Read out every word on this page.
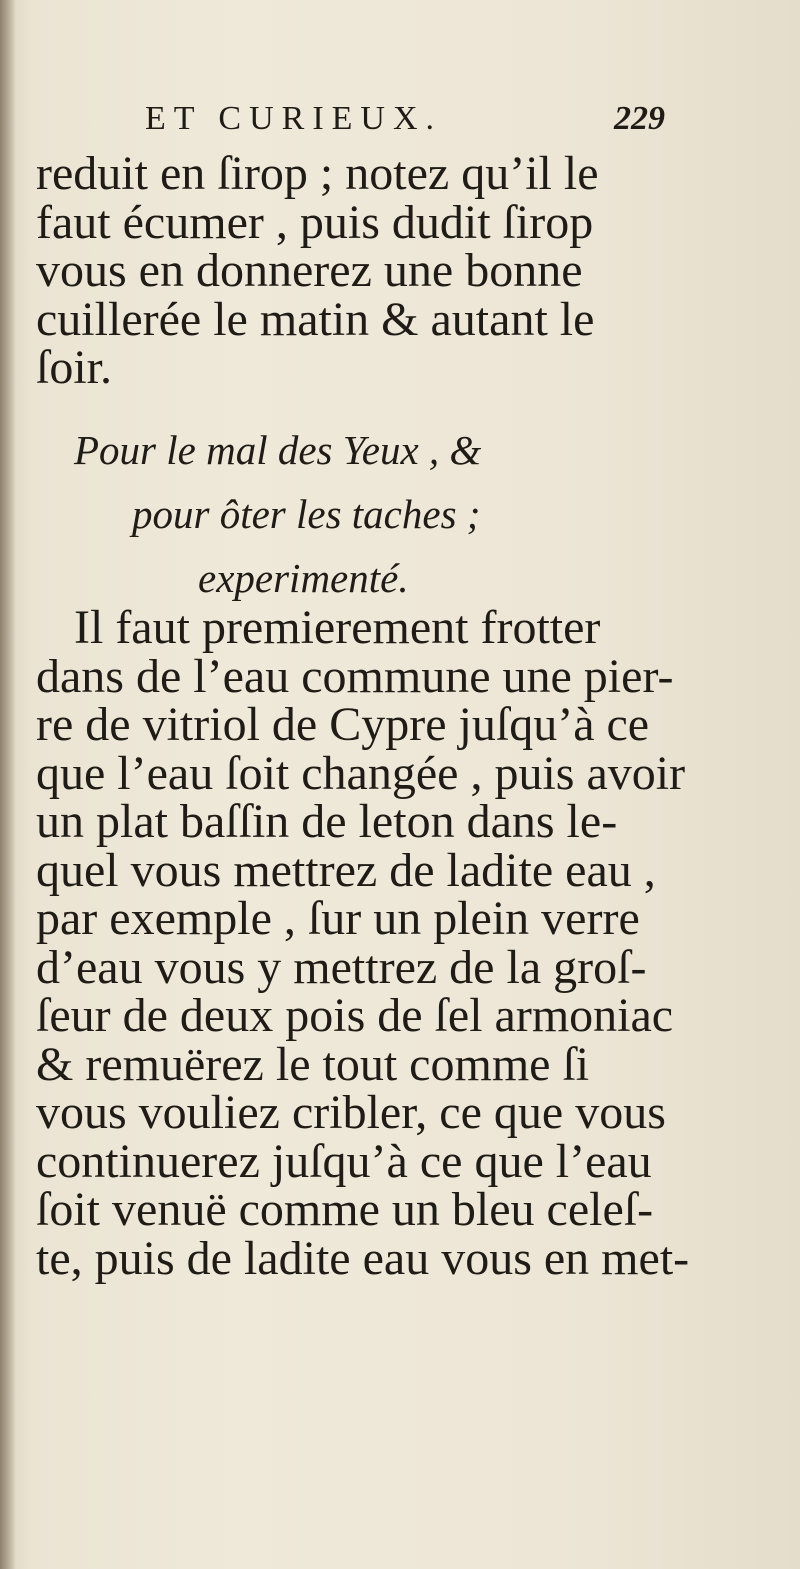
ET CURIEUX.	229
reduit en ſirop ; notez qu’il le
faut écumer , puis dudit ſirop
vous en donnerez une bonne
cuillerée le matin & autant le
ſoir.
Pour le mal des Yeux , &
pour ôter les taches ;
experimenté.
Il faut premierement frotter
dans de l’eau commune une pier-
re de vitriol de Cypre juſqu’à ce
que l’eau ſoit changée , puis avoir
un plat baſſin de leton dans le-
quel vous mettrez de ladite eau ,
par exemple , ſur un plein verre
d’eau vous y mettrez de la groſ-
ſeur de deux pois de ſel armoniac
& remuërez le tout comme ſi
vous vouliez cribler, ce que vous
continuerez juſqu’à ce que l’eau
ſoit venuë comme un bleu celeſ-
te, puis de ladite eau vous en met-
